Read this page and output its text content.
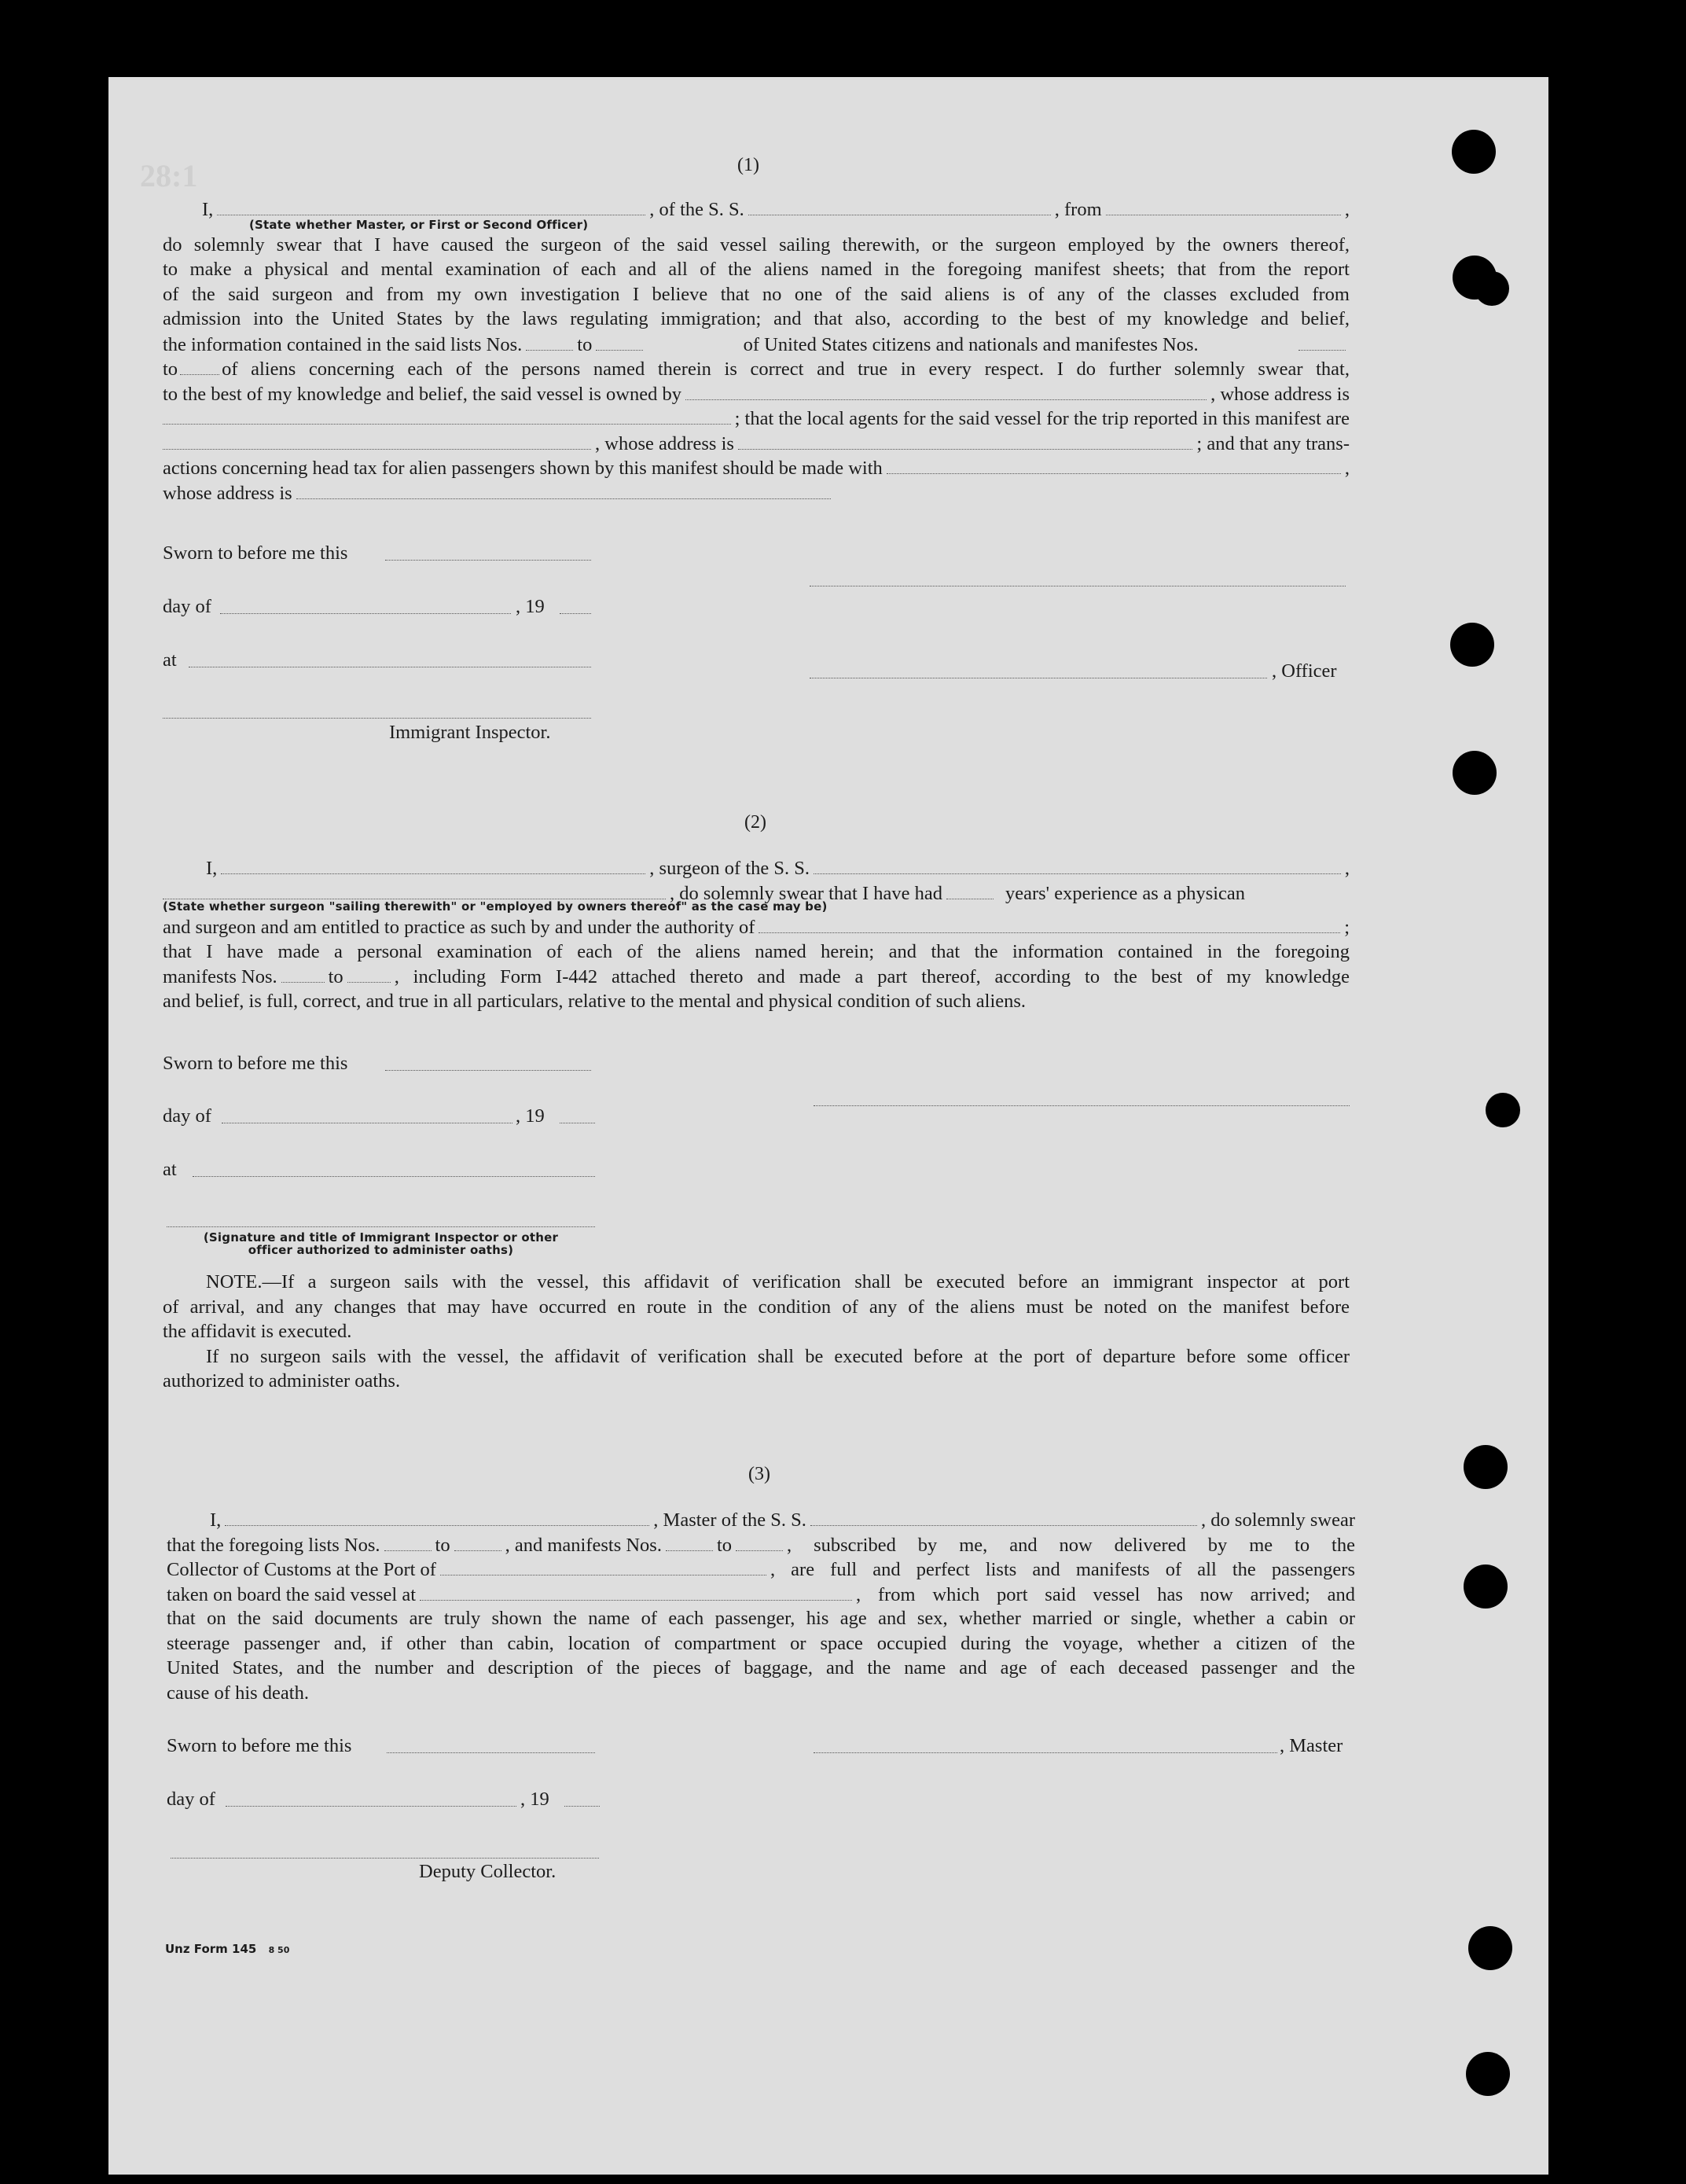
28:1	(1)
I,	, of the S. S.	, from	,
(State whether Master, or First or Second Officer)
do solemnly swear that I have caused the surgeon of the said vessel sailing therewith, or the surgeon employed by the owners thereof,
to make a physical and mental examination of each and all of the aliens named in the foregoing manifest sheets; that from the report
of the said surgeon and from my own investigation I believe that no one of the said aliens is of any of the classes excluded from
admission into the United States by the laws regulating immigration; and that also, according to the best of my knowledge and belief,
the information contained in the said lists Nos.	to	of United States citizens and nationals and manifestes Nos.
to of aliens concerning each of the persons named therein is correct and true in every respect. I do further solemnly swear that,
to the best of my knowledge and belief, the said vessel is owned by	, whose address is
; that the local agents for the said vessel for the trip reported in this manifest are
, whose address is	; and that any trans-
actions concerning head tax for alien passengers shown by this manifest should be made with	,
whose address is
Sworn to before me this
day of	, 19
at
, Officer
Immigrant Inspector.
(2)
I,	, surgeon of the S. S.	,
, do solemnly swear that I have had	years' experience as a physican
(State whether surgeon "sailing therewith" or "employed by owners thereof" as the case may be)
and surgeon and am entitled to practice as such by and under the authority of	;
that I have made a personal examination of each of the aliens named herein; and that the information contained in the foregoing
manifests Nos.	to	, including Form I-442 attached thereto and made a part thereof, according to the best of my knowledge
and belief, is full, correct, and true in all particulars, relative to the mental and physical condition of such aliens.
Sworn to before me this
day of	, 19
at
(Signature and title of Immigrant Inspector or other
officer authorized to administer oaths)
NOTE.—If a surgeon sails with the vessel, this affidavit of verification shall be executed before an immigrant inspector at port
of arrival, and any changes that may have occurred en route in the condition of any of the aliens must be noted on the manifest before
the affidavit is executed.
If no surgeon sails with the vessel, the affidavit of verification shall be executed before at the port of departure before some officer
authorized to administer oaths.
(3)
I,	, Master of the S. S.	, do solemnly swear
that the foregoing lists Nos.	to	, and manifests Nos.	to	, subscribed by me, and now delivered by me to the
Collector of Customs at the Port of	, are full and perfect lists and manifests of all the passengers
taken on board the said vessel at	, from which port said vessel has now arrived; and
that on the said documents are truly shown the name of each passenger, his age and sex, whether married or single, whether a cabin or
steerage passenger and, if other than cabin, location of compartment or space occupied during the voyage, whether a citizen of the
United States, and the number and description of the pieces of baggage, and the name and age of each deceased passenger and the
cause of his death.
Sworn to before me this	, Master
day of	, 19
Deputy Collector.
Unz Form 145 8 50
